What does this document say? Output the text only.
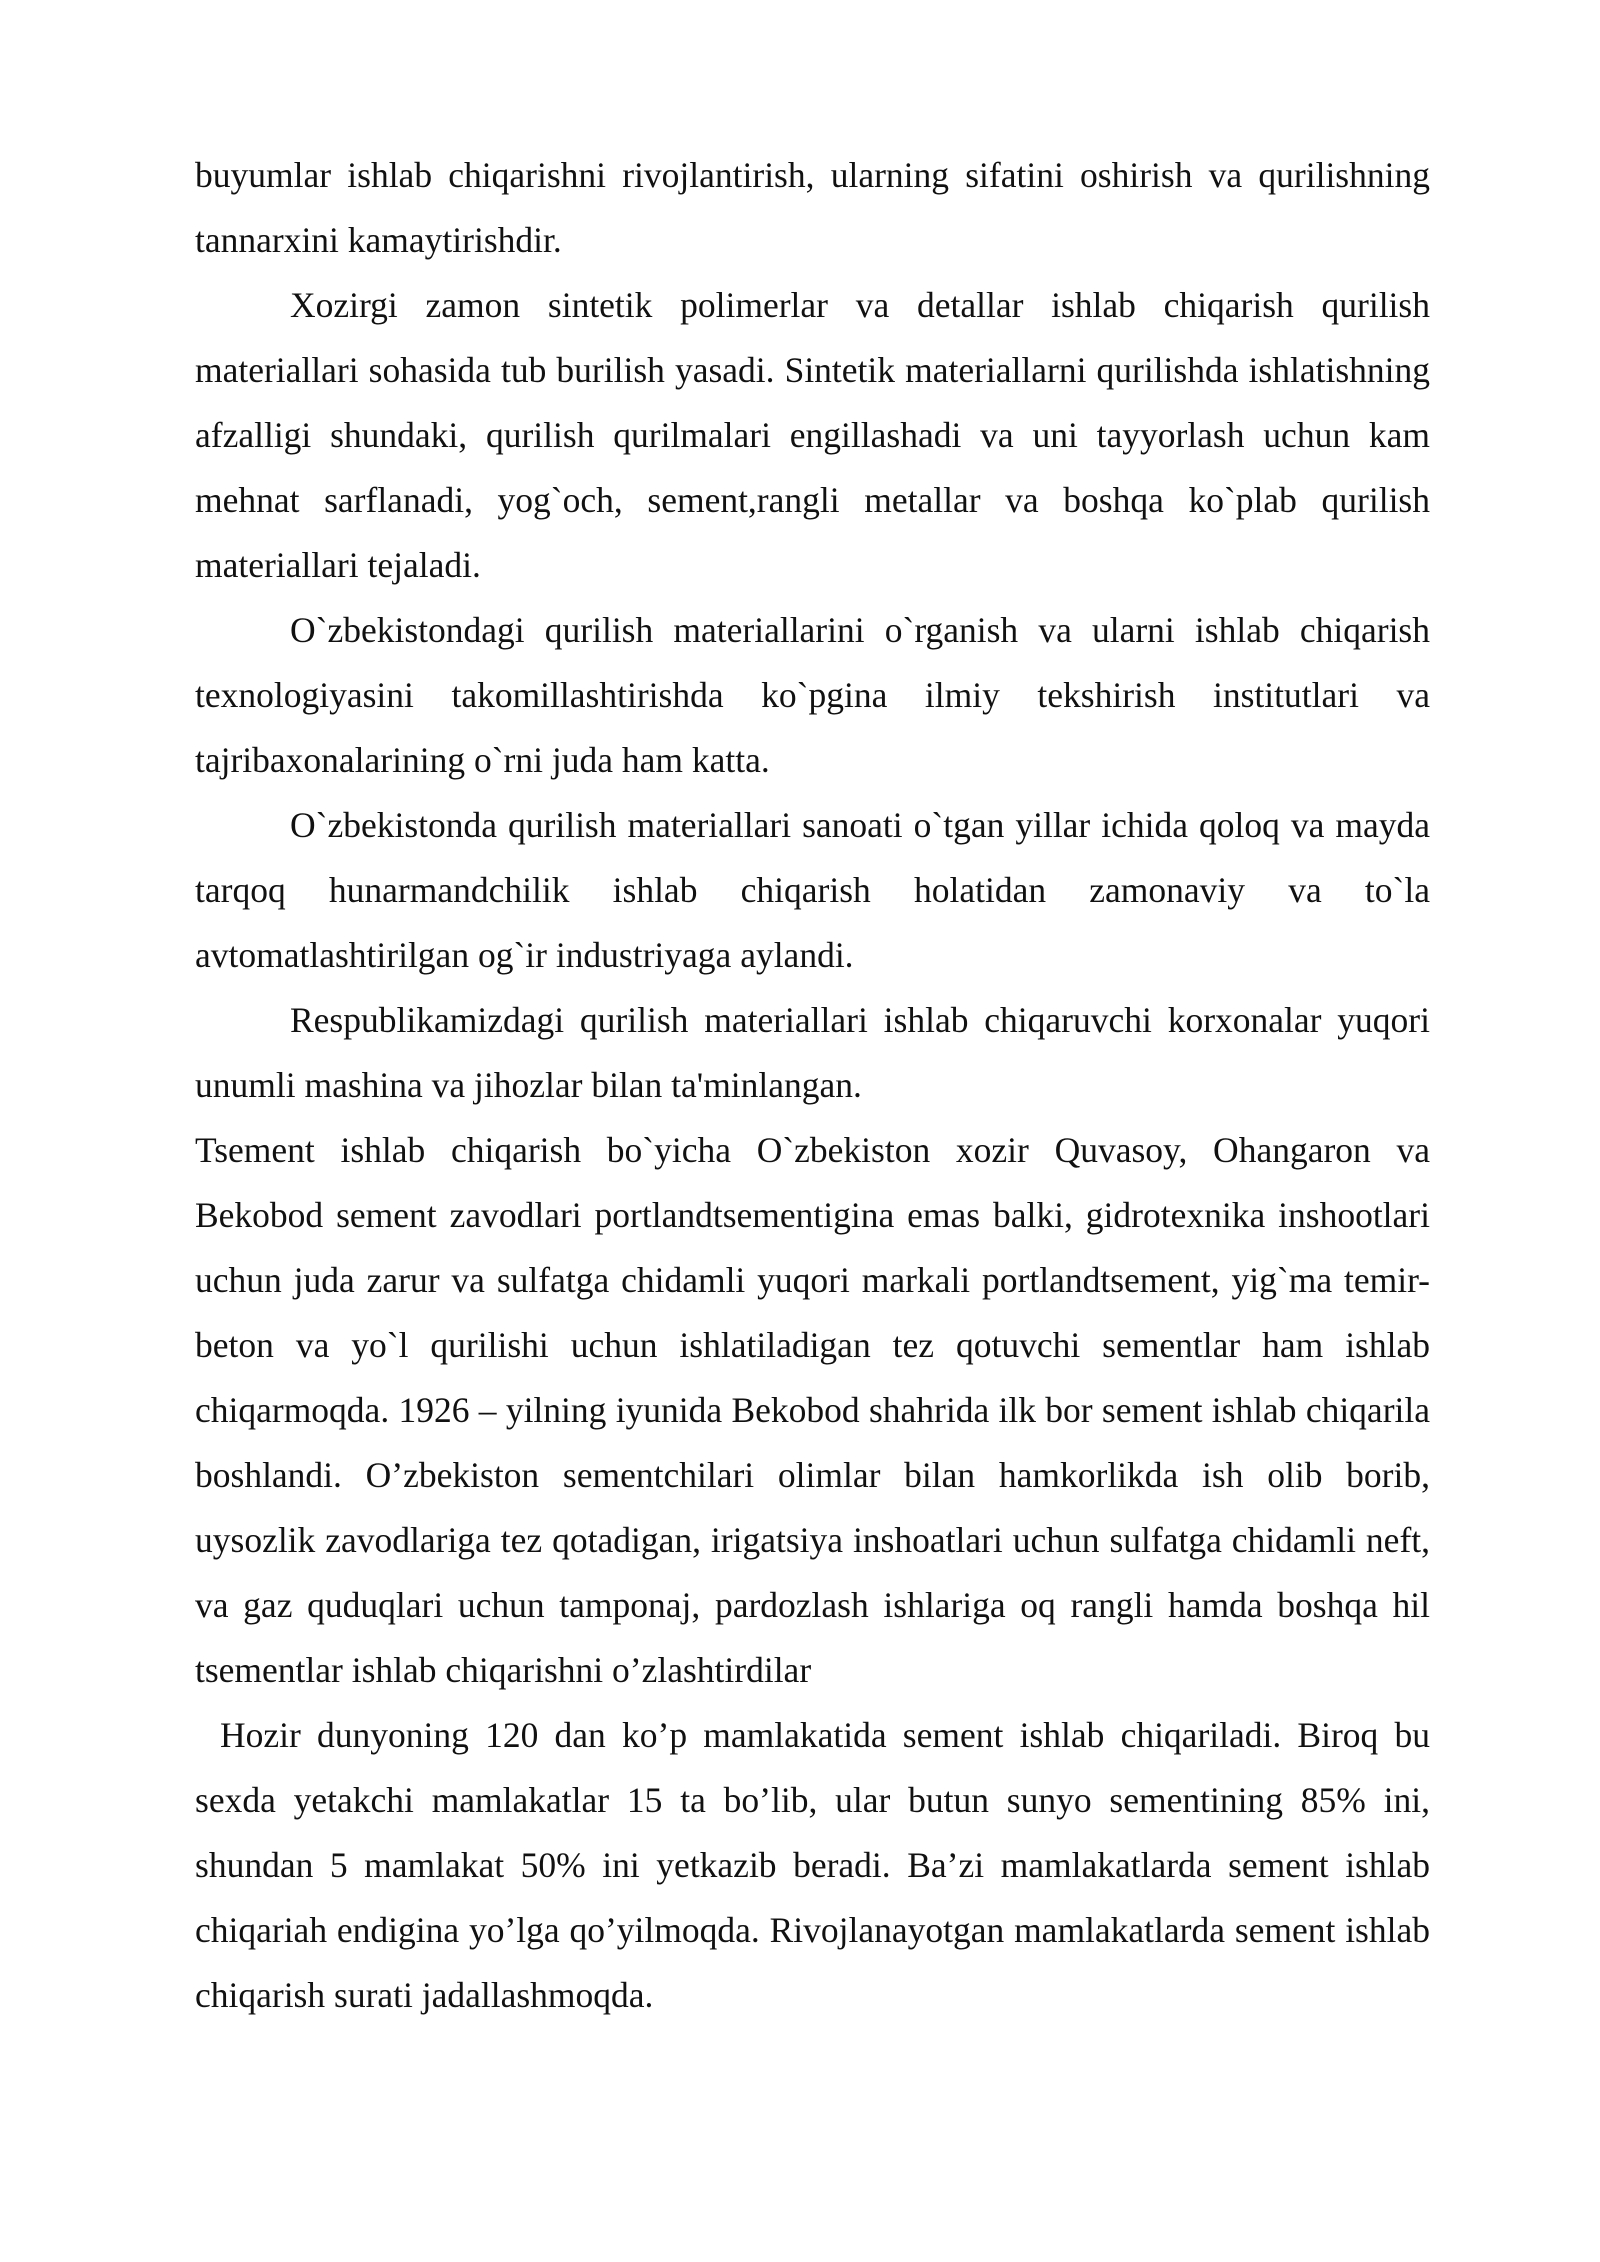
buyumlar ishlab chiqarishni rivojlantirish, ularning sifatini oshirish va qurilishning tannarxini kamaytirishdir.

Xozirgi zamon sintetik polimerlar va detallar ishlab chiqarish qurilish materiallari sohasida tub burilish yasadi. Sintetik materiallarni qurilishda ishlatishning afzalligi shundaki, qurilish qurilmalari engillashadi va uni tayyorlash uchun kam mehnat sarflanadi, yog`och, sement,rangli metallar va boshqa ko`plab qurilish materiallari tejaladi.

O`zbekistondagi qurilish materiallarini o`rganish va ularni ishlab chiqarish texnologiyasini takomillashtirishda ko`pgina ilmiy tekshirish institutlari va tajribaxonalarining o`rni juda ham katta.

O`zbekistonda qurilish materiallari sanoati o`tgan yillar ichida qoloq va mayda tarqoq hunarmandchilik ishlab chiqarish holatidan zamonaviy va to`la avtomatlashtirilgan og`ir industriyaga aylandi.

Respublikamizdagi qurilish materiallari ishlab chiqaruvchi korxonalar yuqori unumli mashina va jihozlar bilan ta'minlangan.

Tsement ishlab chiqarish bo`yicha O`zbekiston xozir Quvasoy, Ohangaron va Bekobod sement zavodlari portlandtsementigina emas balki, gidrotexnika inshootlari uchun juda zarur va sulfatga chidamli yuqori markali portlandtsement, yig`ma temir-beton va yo`l qurilishi uchun ishlatiladigan tez qotuvchi sementlar ham ishlab chiqarmoqda. 1926 – yilning iyunida Bekobod shahrida ilk bor sement ishlab chiqarila boshlandi. O’zbekiston sementchilari olimlar bilan hamkorlikda ish olib borib, uysozlik zavodlariga tez qotadigan, irigatsiya inshoatlari uchun sulfatga chidamli neft, va gaz quduqlari uchun tamponaj, pardozlash ishlariga oq rangli hamda boshqa hil tsementlar ishlab chiqarishni o’zlashtirdilar

Hozir dunyoning 120 dan ko’p mamlakatida sement ishlab chiqariladi. Biroq bu sexda yetakchi mamlakatlar 15 ta bo’lib, ular butun sunyo sementining 85% ini, shundan 5 mamlakat 50% ini yetkazib beradi. Ba’zi mamlakatlarda sement ishlab chiqariah endigina yo’lga qo’yilmoqda. Rivojlanayotgan mamlakatlarda sement ishlab chiqarish surati jadallashmoqda.
